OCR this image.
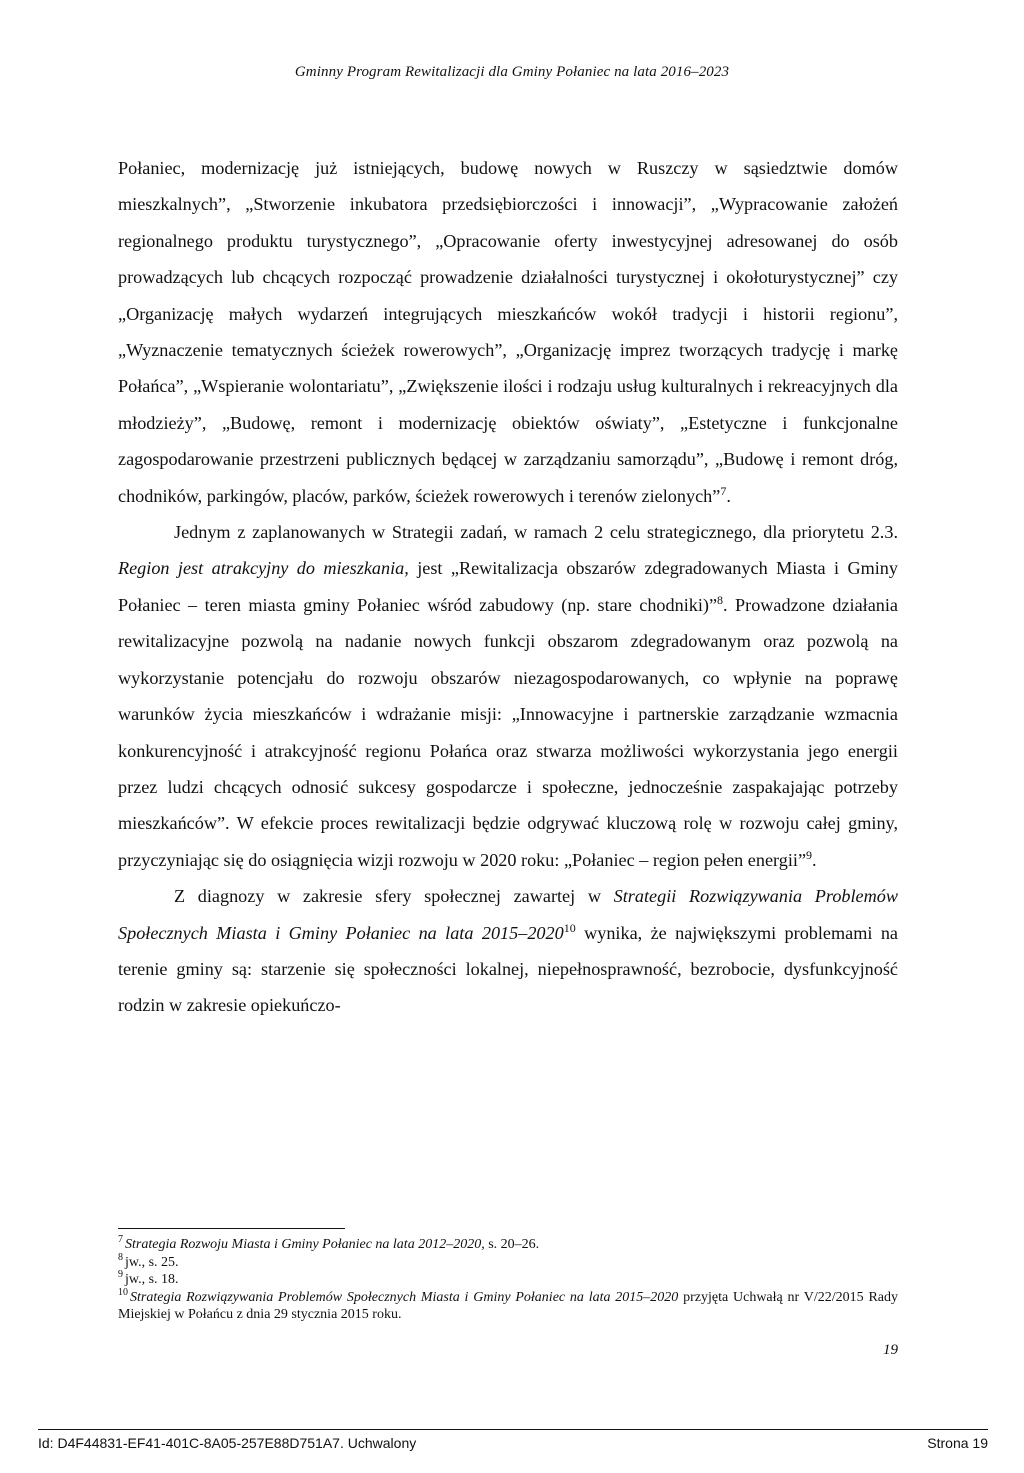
Gminny Program Rewitalizacji dla Gminy Połaniec na lata 2016–2023

Połaniec, modernizację już istniejących, budowę nowych w Ruszczy w sąsiedztwie domów mieszkalnych”, „Stworzenie inkubatora przedsiębiorczości i innowacji”, „Wypracowanie założeń regionalnego produktu turystycznego”, „Opracowanie oferty inwestycyjnej adresowanej do osób prowadzących lub chcących rozpocząć prowadzenie działalności turystycznej i okołoturystycznej” czy „Organizację małych wydarzeń integrujących mieszkańców wokół tradycji i historii regionu”, „Wyznaczenie tematycznych ścieżek rowerowych”, „Organizację imprez tworzących tradycję i markę Połańca”, „Wspieranie wolontariatu”, „Zwiększenie ilości i rodzaju usług kulturalnych i rekreacyjnych dla młodzieży”, „Budowę, remont i modernizację obiektów oświaty”, „Estetyczne i funkcjonalne zagospodarowanie przestrzeni publicznych będącej w zarządzaniu samorządu”, „Budowę i remont dróg, chodników, parkingów, placów, parków, ścieżek rowerowych i terenów zielonych”$^7$.

Jednym z zaplanowanych w Strategii zadań, w ramach 2 celu strategicznego, dla priorytetu 2.3. Region jest atrakcyjny do mieszkania, jest „Rewitalizacja obszarów zdegradowanych Miasta i Gminy Połaniec – teren miasta gminy Połaniec wśród zabudowy (np. stare chodniki)”$^8$. Prowadzone działania rewitalizacyjne pozwolą na nadanie nowych funkcji obszarom zdegradowanym oraz pozwolą na wykorzystanie potencjału do rozwoju obszarów niezagospodarowanych, co wpłynie na poprawę warunków życia mieszkańców i wdrażanie misji: „Innowacyjne i partnerskie zarządzanie wzmacnia konkurencyjność i atrakcyjność regionu Połańca oraz stwarza możliwości wykorzystania jego energii przez ludzi chcących odnosić sukcesy gospodarcze i społeczne, jednocześnie zaspakajając potrzeby mieszkańców”. W efekcie proces rewitalizacji będzie odgrywać kluczową rolę w rozwoju całej gminy, przyczyniając się do osiągnięcia wizji rozwoju w 2020 roku: „Połaniec – region pełen energii”$^9$.

Z diagnozy w zakresie sfery społecznej zawartej w Strategii Rozwiązywania Problemów Społecznych Miasta i Gminy Połaniec na lata 2015–2020$^{10}$ wynika, że największymi problemami na terenie gminy są: starzenie się społeczności lokalnej, niepełnosprawność, bezrobocie, dysfunkcyjność rodzin w zakresie opiekuńczo-

$^7$ Strategia Rozwoju Miasta i Gminy Połaniec na lata 2012–2020, s. 20–26.

$^8$ jw., s. 25.

$^9$ jw., s. 18.

$^{10}$ Strategia Rozwiązywania Problemów Społecznych Miasta i Gminy Połaniec na lata 2015–2020 przyjęta Uchwałą nr V/22/2015 Rady Miejskiej w Połańcu z dnia 29 stycznia 2015 roku.

19
Id: D4F44831-EF41-401C-8A05-257E88D751A7. Uchwalony	Strona 19
